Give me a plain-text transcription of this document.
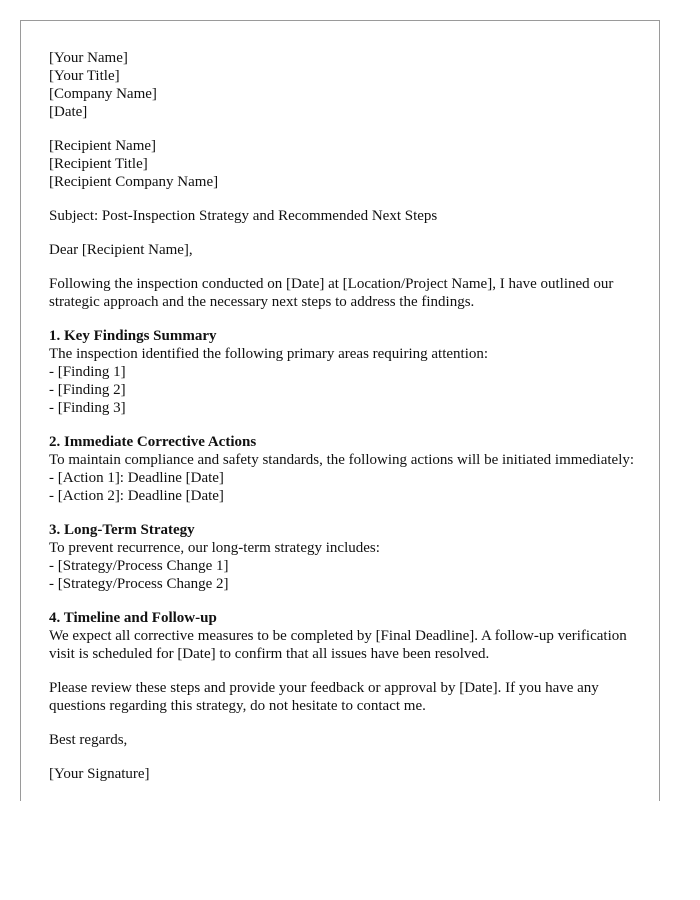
[Your Name]
[Your Title]
[Company Name]
[Date]
[Recipient Name]
[Recipient Title]
[Recipient Company Name]
Subject: Post-Inspection Strategy and Recommended Next Steps
Dear [Recipient Name],
Following the inspection conducted on [Date] at [Location/Project Name], I have outlined our strategic approach and the necessary next steps to address the findings.
1. Key Findings Summary
The inspection identified the following primary areas requiring attention:
- [Finding 1]
- [Finding 2]
- [Finding 3]
2. Immediate Corrective Actions
To maintain compliance and safety standards, the following actions will be initiated immediately:
- [Action 1]: Deadline [Date]
- [Action 2]: Deadline [Date]
3. Long-Term Strategy
To prevent recurrence, our long-term strategy includes:
- [Strategy/Process Change 1]
- [Strategy/Process Change 2]
4. Timeline and Follow-up
We expect all corrective measures to be completed by [Final Deadline]. A follow-up verification visit is scheduled for [Date] to confirm that all issues have been resolved.
Please review these steps and provide your feedback or approval by [Date]. If you have any questions regarding this strategy, do not hesitate to contact me.
Best regards,
[Your Signature]
